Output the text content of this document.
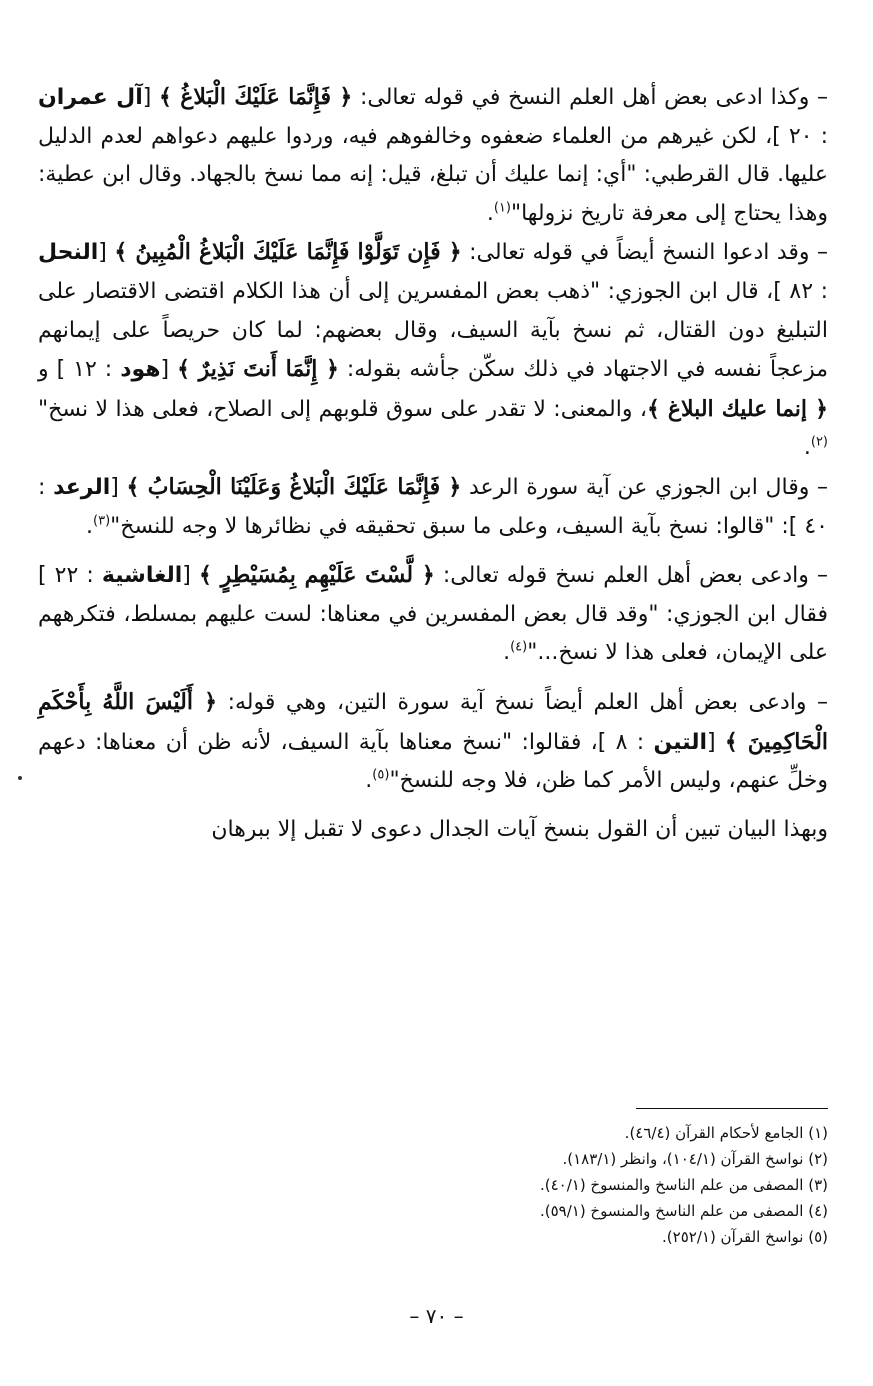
– وكذا ادعى بعض أهل العلم النسخ في قوله تعالى: ﴿ فَإِنَّمَا عَلَيْكَ الْبَلاغُ ﴾ [آل عمران : ٢٠ ]، لكن غيرهم من العلماء ضعفوه وخالفوهم فيه، وردوا عليهم دعواهم لعدم الدليل عليها. قال القرطبي: "أي: إنما عليك أن تبلغ، قيل: إنه مما نسخ بالجهاد. وقال ابن عطية: وهذا يحتاج إلى معرفة تاريخ نزولها"$^{(١)}$.

– وقد ادعوا النسخ أيضاً في قوله تعالى: ﴿ فَإِن تَوَلَّوْا فَإِنَّمَا عَلَيْكَ الْبَلاغُ الْمُبِينُ ﴾ [النحل : ٨٢ ]، قال ابن الجوزي: "ذهب بعض المفسرين إلى أن هذا الكلام اقتضى الاقتصار على التبليغ دون القتال، ثم نسخ بآية السيف، وقال بعضهم: لما كان حريصاً على إيمانهم مزعجاً نفسه في الاجتهاد في ذلك سكّن جأشه بقوله: ﴿ إِنَّمَا أَنتَ نَذِيرٌ ﴾ [هود : ١٢ ] و ﴿ إنما عليك البلاغ ﴾، والمعنى: لا تقدر على سوق قلوبهم إلى الصلاح، فعلى هذا لا نسخ"$^{(٢)}$.

– وقال ابن الجوزي عن آية سورة الرعد ﴿ فَإِنَّمَا عَلَيْكَ الْبَلاغُ وَعَلَيْنَا الْحِسَابُ ﴾ [الرعد : ٤٠ ]: "قالوا: نسخ بآية السيف، وعلى ما سبق تحقيقه في نظائرها لا وجه للنسخ"$^{(٣)}$.

– وادعى بعض أهل العلم نسخ قوله تعالى: ﴿ لَّسْتَ عَلَيْهِم بِمُسَيْطِرٍ ﴾ [الغاشية : ٢٢ ] فقال ابن الجوزي: "وقد قال بعض المفسرين في معناها: لست عليهم بمسلط، فتكرههم على الإيمان، فعلى هذا لا نسخ..."$^{(٤)}$.

– وادعى بعض أهل العلم أيضاً نسخ آية سورة التين، وهي قوله: ﴿ أَلَيْسَ اللَّهُ بِأَحْكَمِ الْحَاكِمِينَ ﴾ [التين : ٨ ]، فقالوا: "نسخ معناها بآية السيف، لأنه ظن أن معناها: دعهم وخلِّ عنهم، وليس الأمر كما ظن، فلا وجه للنسخ"$^{(٥)}$.

وبهذا البيان تبين أن القول بنسخ آيات الجدال دعوى لا تقبل إلا ببرهان

(١) الجامع لأحكام القرآن (٤٦/٤).
(٢) نواسخ القرآن (١٠٤/١)، وانظر (١٨٣/١).
(٣) المصفى من علم الناسخ والمنسوخ (٤٠/١).
(٤) المصفى من علم الناسخ والمنسوخ (٥٩/١).
(٥) نواسخ القرآن (٢٥٢/١).
– ٧٠ –
